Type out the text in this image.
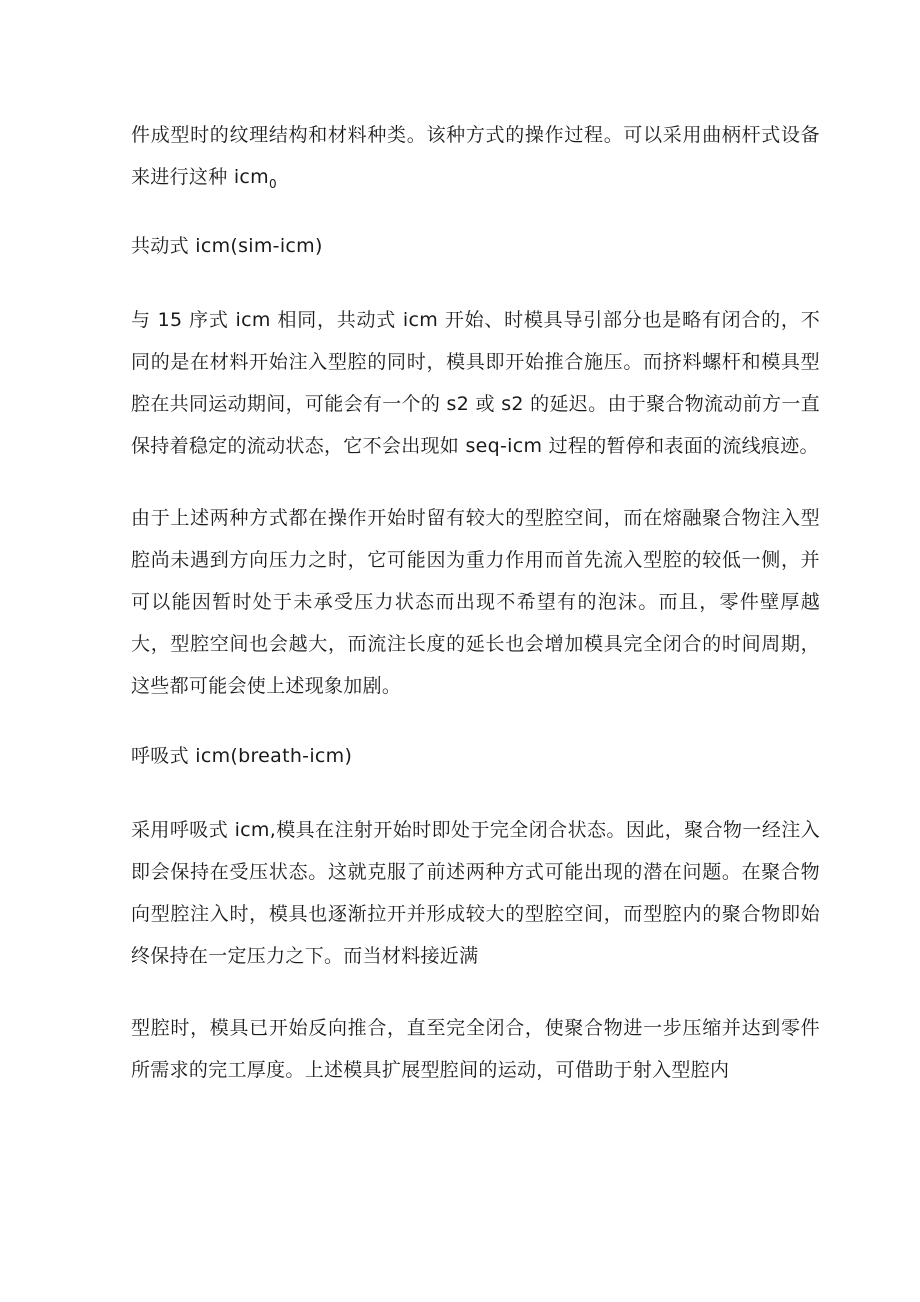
件成型时的纹理结构和材料种类。该种方式的操作过程。可以采用曲柄杆式设备来进行这种 icm$_0$

共动式 icm(sim-icm)

与 15 序式 icm 相同，共动式 icm 开始、时模具导引部分也是略有闭合的，不同的是在材料开始注入型腔的同时，模具即开始推合施压。而挤料螺杆和模具型腔在共同运动期间，可能会有一个的 s2 或 s2 的延迟。由于聚合物流动前方一直保持着稳定的流动状态，它不会出现如 seq-icm 过程的暂停和表面的流线痕迹。

由于上述两种方式都在操作开始时留有较大的型腔空间，而在熔融聚合物注入型腔尚未遇到方向压力之时，它可能因为重力作用而首先流入型腔的较低一侧，并可以能因暂时处于未承受压力状态而出现不希望有的泡沫。而且，零件壁厚越大，型腔空间也会越大，而流注长度的延长也会增加模具完全闭合的时间周期，这些都可能会使上述现象加剧。

呼吸式 icm(breath-icm)

采用呼吸式 icm,模具在注射开始时即处于完全闭合状态。因此，聚合物一经注入即会保持在受压状态。这就克服了前述两种方式可能出现的潜在问题。在聚合物向型腔注入时，模具也逐渐拉开并形成较大的型腔空间，而型腔内的聚合物即始终保持在一定压力之下。而当材料接近满

型腔时，模具已开始反向推合，直至完全闭合，使聚合物进一步压缩并达到零件所需求的完工厚度。上述模具扩展型腔间的运动，可借助于射入型腔内
